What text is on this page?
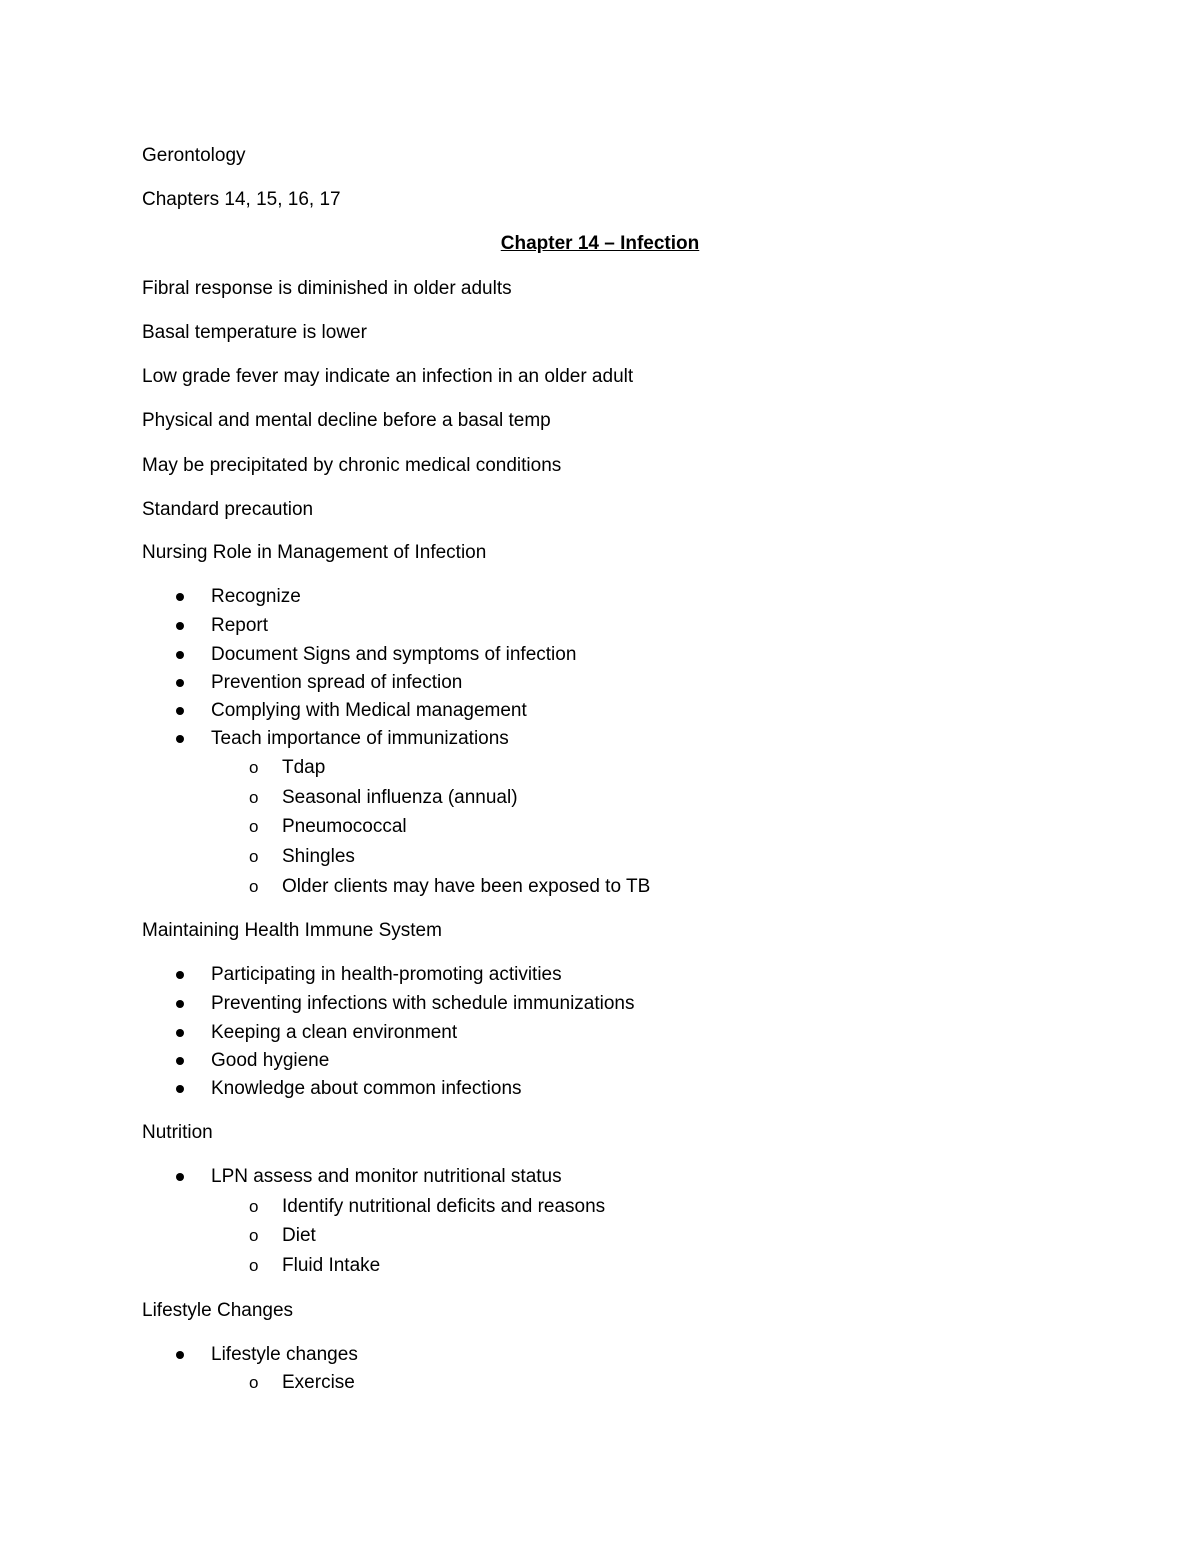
Gerontology
Chapters 14, 15, 16, 17
Chapter 14 – Infection
Fibral response is diminished in older adults
Basal temperature is lower
Low grade fever may indicate an infection in an older adult
Physical and mental decline before a basal temp
May be precipitated by chronic medical conditions
Standard precaution
Nursing Role in Management of Infection
Recognize
Report
Document Signs and symptoms of infection
Prevention spread of infection
Complying with Medical management
Teach importance of immunizations
o Tdap
o Seasonal influenza (annual)
o Pneumococcal
o Shingles
o Older clients may have been exposed to TB
Maintaining Health Immune System
Participating in health-promoting activities
Preventing infections with schedule immunizations
Keeping a clean environment
Good hygiene
Knowledge about common infections
Nutrition
LPN assess and monitor nutritional status
o Identify nutritional deficits and reasons
o Diet
o Fluid Intake
Lifestyle Changes
Lifestyle changes
o Exercise
